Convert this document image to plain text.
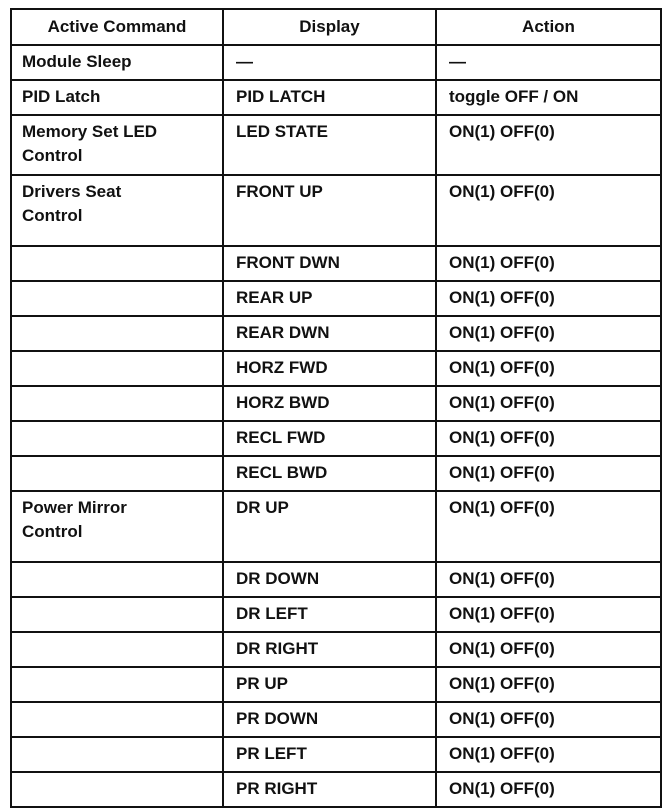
Active Command	Display	Action

Module Sleep	—	—

PID Latch	PID LATCH	toggle OFF / ON

Memory Set LED
Control	LED STATE	ON(1) OFF(0)

Drivers Seat
Control	FRONT UP	ON(1) OFF(0)

	FRONT DWN	ON(1) OFF(0)

	REAR UP	ON(1) OFF(0)

	REAR DWN	ON(1) OFF(0)

	HORZ FWD	ON(1) OFF(0)

	HORZ BWD	ON(1) OFF(0)

	RECL FWD	ON(1) OFF(0)

	RECL BWD	ON(1) OFF(0)

Power Mirror
Control	DR UP	ON(1) OFF(0)

	DR DOWN	ON(1) OFF(0)

	DR LEFT	ON(1) OFF(0)

	DR RIGHT	ON(1) OFF(0)

	PR UP	ON(1) OFF(0)

	PR DOWN	ON(1) OFF(0)

	PR LEFT	ON(1) OFF(0)

	PR RIGHT	ON(1) OFF(0)
